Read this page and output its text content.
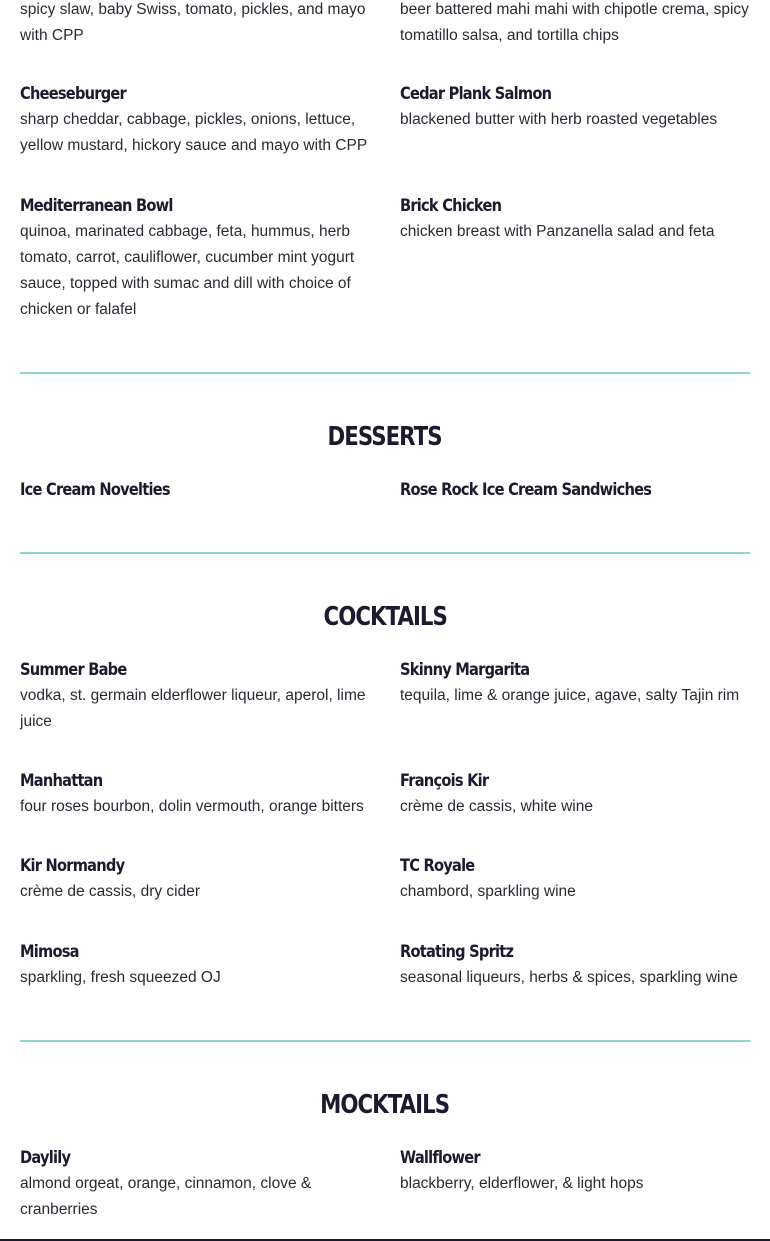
spicy slaw, baby Swiss, tomato, pickles, and mayo with CPP
beer battered mahi mahi with chipotle crema, spicy tomatillo salsa, and tortilla chips
Cheeseburger
sharp cheddar, cabbage, pickles, onions, lettuce, yellow mustard, hickory sauce and mayo with CPP
Cedar Plank Salmon
blackened butter with herb roasted vegetables
Mediterranean Bowl
quinoa, marinated cabbage, feta, hummus, herb tomato, carrot, cauliflower, cucumber mint yogurt sauce, topped with sumac and dill with choice of chicken or falafel
Brick Chicken
chicken breast with Panzanella salad and feta
DESSERTS
Ice Cream Novelties	Rose Rock Ice Cream Sandwiches
COCKTAILS
Summer Babe
vodka, st. germain elderflower liqueur, aperol, lime juice
Skinny Margarita
tequila, lime & orange juice, agave, salty Tajin rim
Manhattan
four roses bourbon, dolin vermouth, orange bitters
François Kir
crème de cassis, white wine
Kir Normandy
crème de cassis, dry cider
TC Royale
chambord, sparkling wine
Mimosa
sparkling, fresh squeezed OJ
Rotating Spritz
seasonal liqueurs, herbs & spices, sparkling wine
MOCKTAILS
Daylily
almond orgeat, orange, cinnamon, clove & cranberries
Wallflower
blackberry, elderflower, & light hops
